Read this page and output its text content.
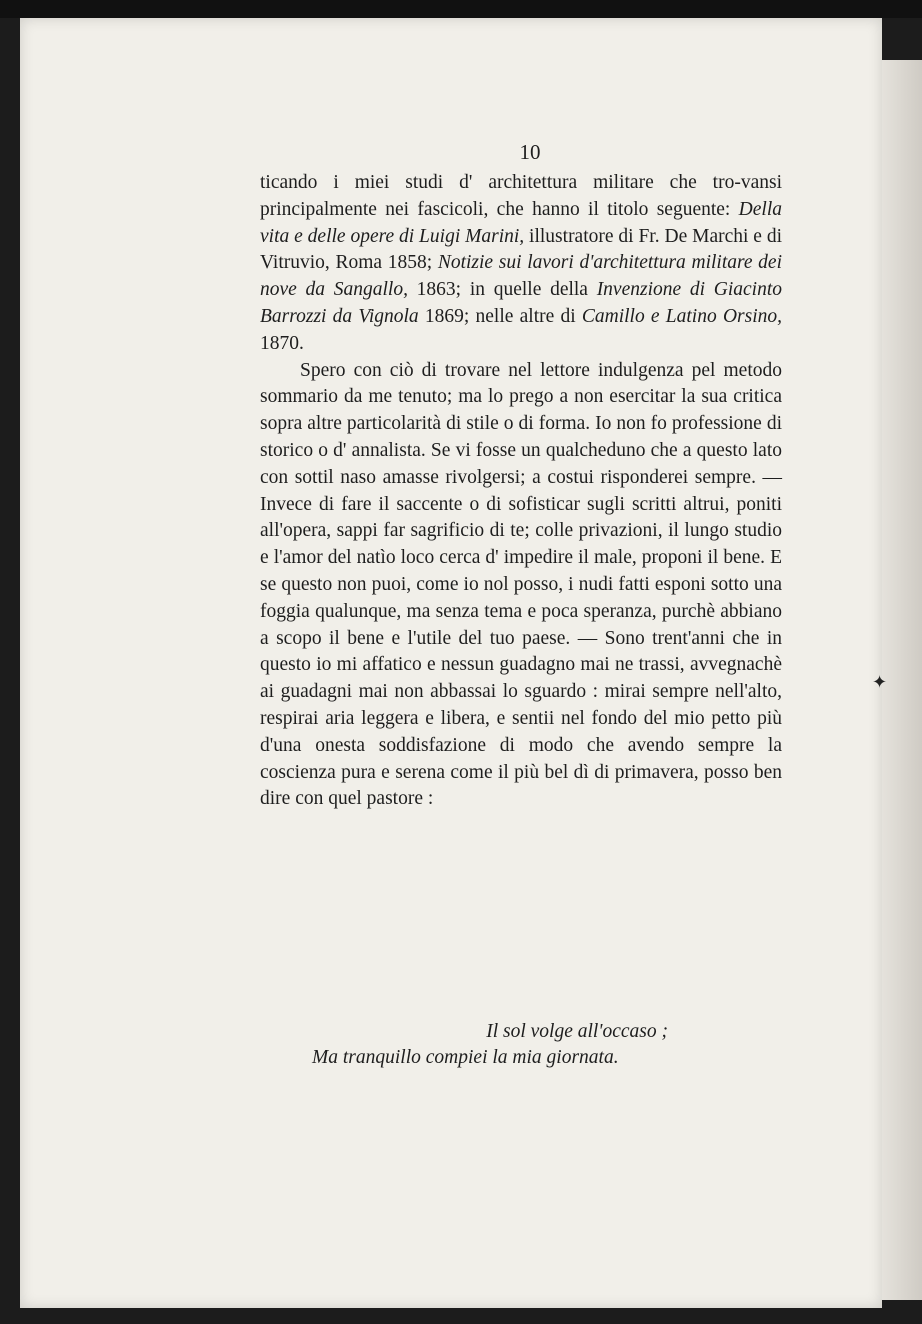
10

ticando i miei studi d' architettura militare che tro-vansi principalmente nei fascicoli, che hanno il titolo seguente: Della vita e delle opere di Luigi Marini, illustratore di Fr. De Marchi e di Vitruvio, Roma 1858; Notizie sui lavori d'architettura militare dei nove da Sangallo, 1863; in quelle della Invenzione di Giacinto Barrozzi da Vignola 1869; nelle altre di Camillo e Latino Orsino, 1870.

Spero con ciò di trovare nel lettore indulgenza pel metodo sommario da me tenuto; ma lo prego a non esercitar la sua critica sopra altre particolarità di stile o di forma. Io non fo professione di storico o d' annalista. Se vi fosse un qualcheduno che a questo lato con sottil naso amasse rivolgersi; a costui risponderei sempre. — Invece di fare il saccente o di sofisticar sugli scritti altrui, poniti all'opera, sappi far sagrificio di te; colle privazioni, il lungo studio e l'amor del natìo loco cerca d' impedire il male, proponi il bene. E se questo non puoi, come io nol posso, i nudi fatti esponi sotto una foggia qualunque, ma senza tema e poca speranza, purchè abbiano a scopo il bene e l'utile del tuo paese. — Sono trent'anni che in questo io mi affatico e nessun guadagno mai ne trassi, avvegnachè ai guadagni mai non abbassai lo sguardo : mirai sempre nell'alto, respirai aria leggera e libera, e sentii nel fondo del mio petto più d'una onesta soddisfazione di modo che avendo sempre la coscienza pura e serena come il più bel dì di primavera, posso ben dire con quel pastore :

Il sol volge all'occaso ;
Ma tranquillo compiei la mia giornata.
✦
